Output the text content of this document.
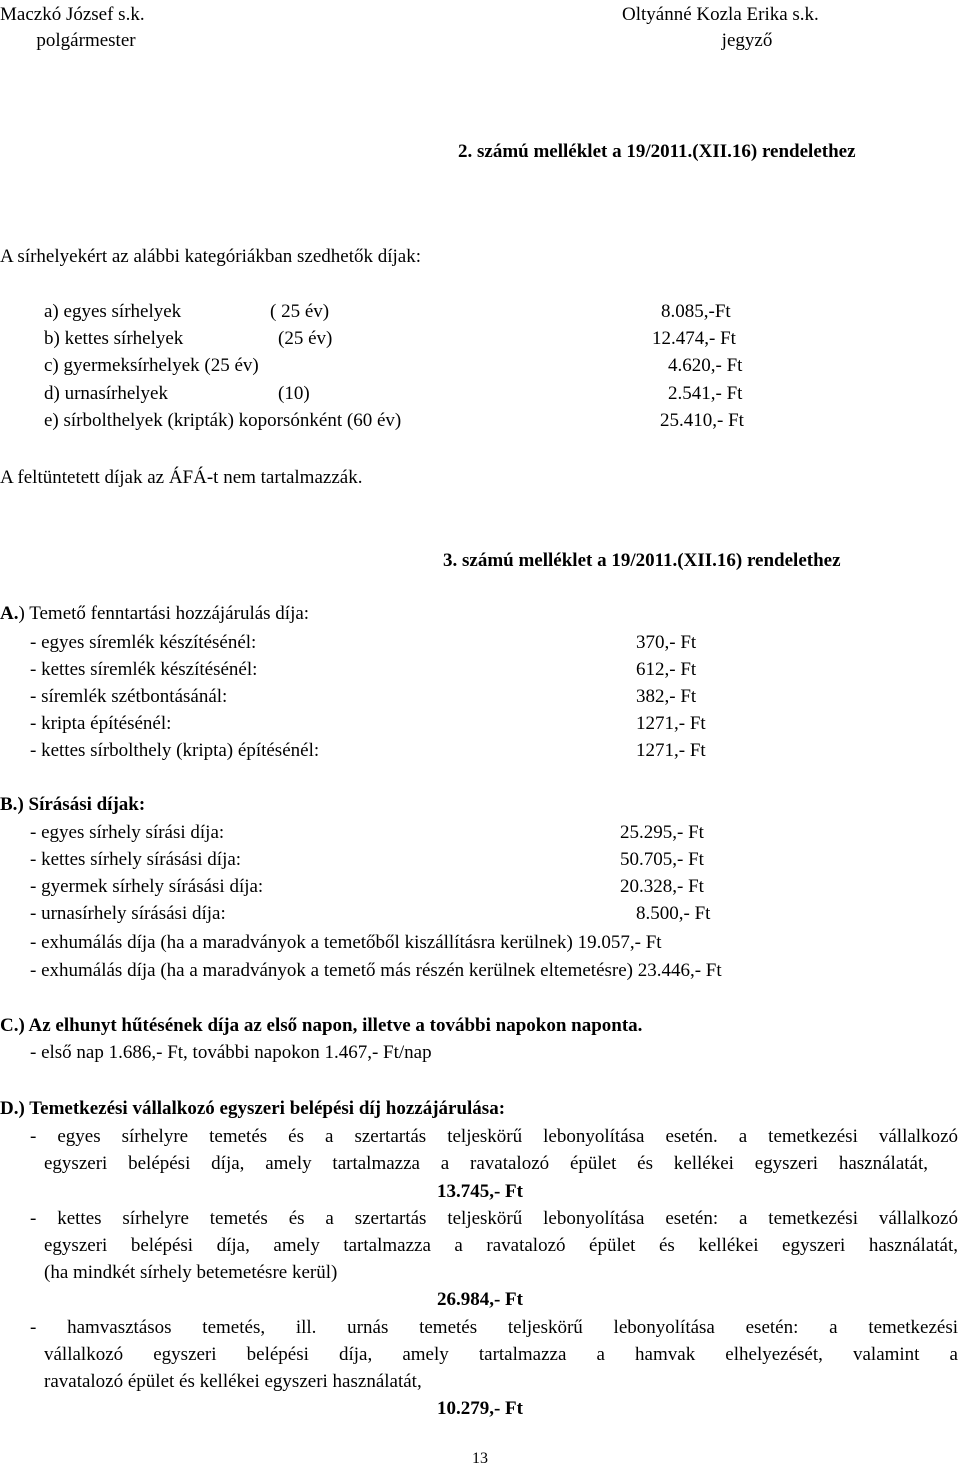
Maczkó József s.k.
polgármester
Oltyánné Kozla Erika s.k.
jegyző
2. számú melléklet a 19/2011.(XII.16) rendelethez
A sírhelyekért az alábbi kategóriákban szedhetők díjak:
a) egyes sírhelyek	( 25 év)	8.085,-Ft
b) kettes sírhelyek	(25 év)	12.474,- Ft
c) gyermeksírhelyek (25 év)	4.620,- Ft
d) urnasírhelyek	(10)	2.541,- Ft
e) sírbolthelyek (kripták) koporsónként (60 év)	25.410,- Ft
A feltüntetett díjak az ÁFÁ-t nem tartalmazzák.
3. számú melléklet a 19/2011.(XII.16) rendelethez
A.) Temető fenntartási hozzájárulás díja:
- egyes síremlék készítésénél:	370,- Ft
- kettes síremlék készítésénél:	612,- Ft
- síremlék szétbontásánál:	382,- Ft
- kripta építésénél:	1271,- Ft
- kettes sírbolthely (kripta) építésénél:	1271,- Ft
B.) Sírásási díjak:
- egyes sírhely sírási díja:	25.295,- Ft
- kettes sírhely sírásási díja:	50.705,- Ft
- gyermek sírhely sírásási díja:	20.328,- Ft
- urnasírhely sírásási díja:	8.500,- Ft
- exhumálás díja (ha a maradványok a temetőből kiszállításra kerülnek) 19.057,- Ft
- exhumálás díja (ha a maradványok a temető más részén kerülnek eltemetésre) 23.446,- Ft
C.) Az elhunyt hűtésének díja az első napon, illetve a további napokon naponta.
- első nap 1.686,- Ft, további napokon 1.467,- Ft/nap
D.) Temetkezési vállalkozó egyszeri belépési díj hozzájárulása:
- egyes sírhelyre temetés és a szertartás teljeskörű lebonyolítása esetén. a temetkezési vállalkozó
egyszeri belépési díja, amely tartalmazza a ravatalozó épület és kellékei egyszeri használatát,
13.745,- Ft
- kettes sírhelyre temetés és a szertartás teljeskörű lebonyolítása esetén: a temetkezési vállalkozó
egyszeri belépési díja, amely tartalmazza a ravatalozó épület és kellékei egyszeri használatát,
(ha mindkét sírhely betemetésre kerül)
26.984,- Ft
- hamvasztásos temetés, ill. urnás temetés teljeskörű lebonyolítása esetén: a temetkezési
vállalkozó egyszeri belépési díja, amely tartalmazza a hamvak elhelyezését, valamint a
ravatalozó épület és kellékei egyszeri használatát,
10.279,- Ft
13
